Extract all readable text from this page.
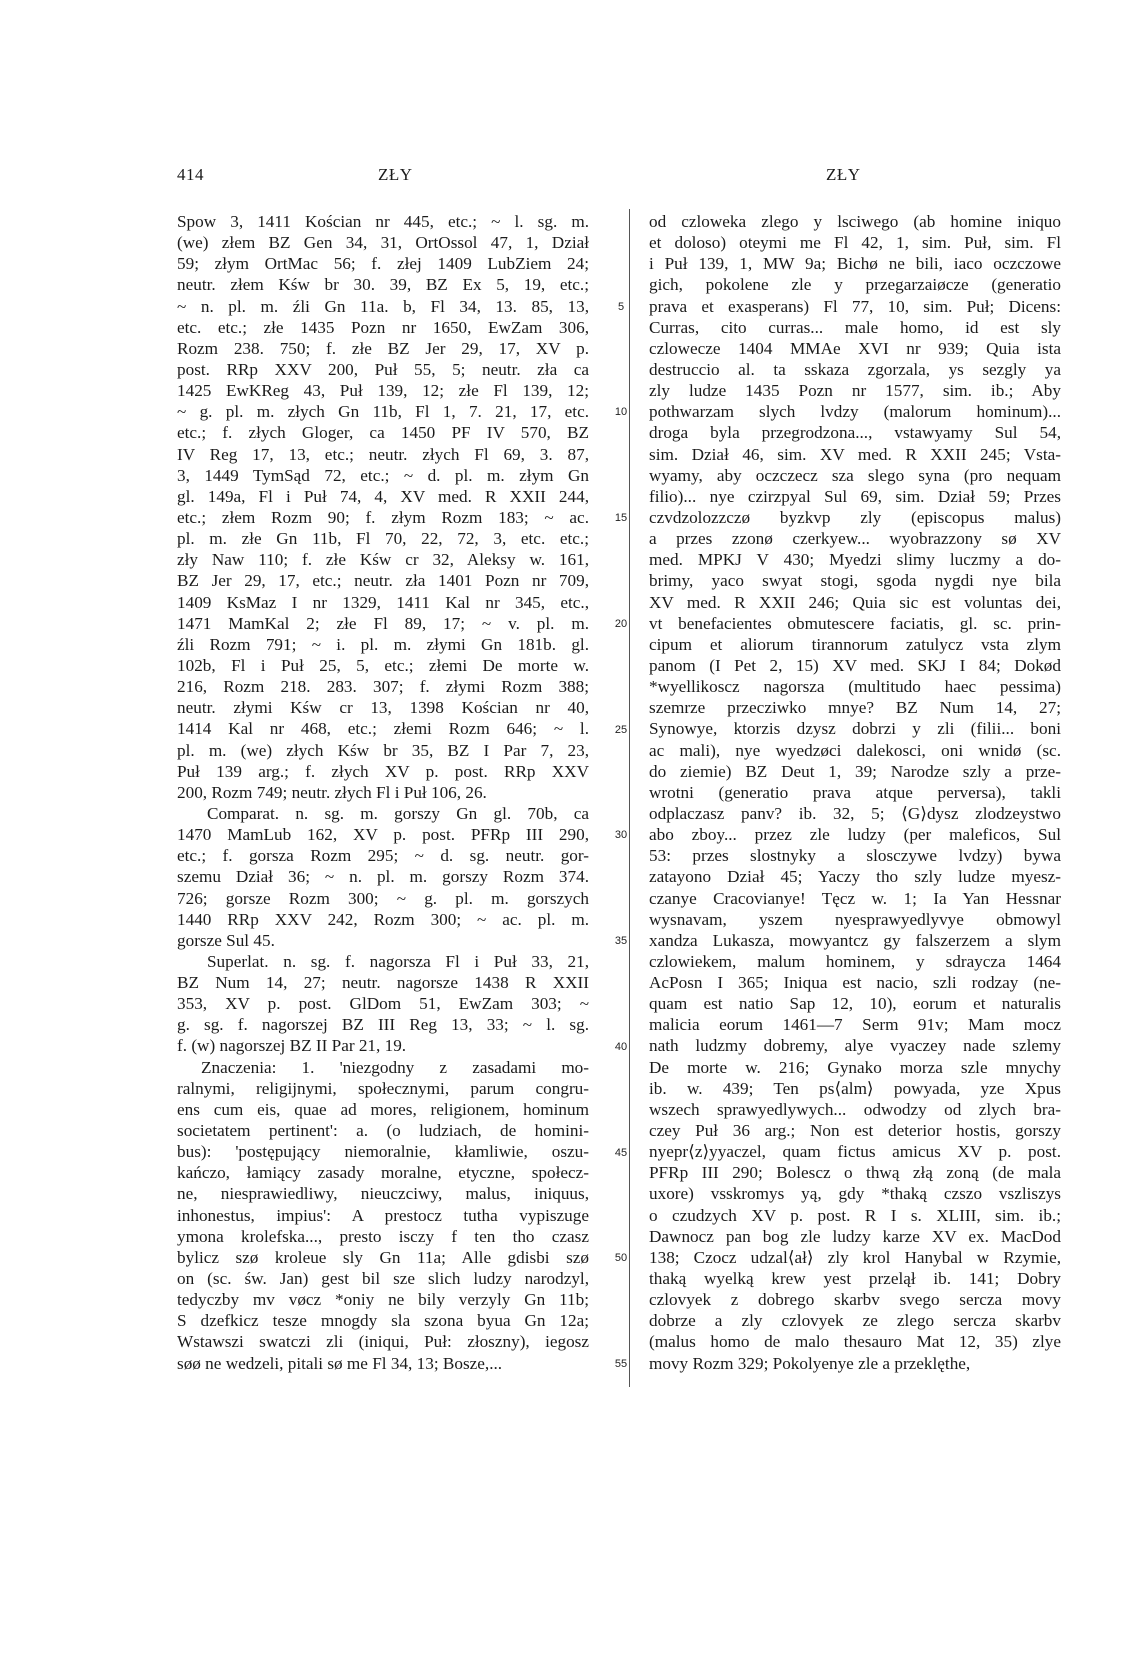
414	ZŁY	ZŁY
Spow 3, 1411 Kościan nr 445, etc.; ~ l. sg. m.
(we) złem BZ Gen 34, 31, OrtOssol 47, 1, Dział
59; złym OrtMac 56; f. złej 1409 LubZiem 24;
neutr. złem Kśw br 30. 39, BZ Ex 5, 19, etc.;
~ n. pl. m. źli Gn 11a. b, Fl 34, 13. 85, 13,
etc. etc.; złe 1435 Pozn nr 1650, EwZam 306,
Rozm 238. 750; f. złe BZ Jer 29, 17, XV p.
post. RRp XXV 200, Puł 55, 5; neutr. zła ca
1425 EwKReg 43, Puł 139, 12; złe Fl 139, 12;
~ g. pl. m. złych Gn 11b, Fl 1, 7. 21, 17, etc.
etc.; f. złych Gloger, ca 1450 PF IV 570, BZ
IV Reg 17, 13, etc.; neutr. złych Fl 69, 3. 87,
3, 1449 TymSąd 72, etc.; ~ d. pl. m. złym Gn
gl. 149a, Fl i Puł 74, 4, XV med. R XXII 244,
etc.; złem Rozm 90; f. złym Rozm 183; ~ ac.
pl. m. złe Gn 11b, Fl 70, 22, 72, 3, etc. etc.;
zły Naw 110; f. złe Kśw cr 32, Aleksy w. 161,
BZ Jer 29, 17, etc.; neutr. zła 1401 Pozn nr 709,
1409 KsMaz I nr 1329, 1411 Kal nr 345, etc.,
1471 MamKal 2; złe Fl 89, 17; ~ v. pl. m.
źli Rozm 791; ~ i. pl. m. złymi Gn 181b. gl.
102b, Fl i Puł 25, 5, etc.; złemi De morte w.
216, Rozm 218. 283. 307; f. złymi Rozm 388;
neutr. złymi Kśw cr 13, 1398 Kościan nr 40,
1414 Kal nr 468, etc.; złemi Rozm 646; ~ l.
pl. m. (we) złych Kśw br 35, BZ I Par 7, 23,
Puł 139 arg.; f. złych XV p. post. RRp XXV
200, Rozm 749; neutr. złych Fl i Puł 106, 26.
Comparat. n. sg. m. gorszy Gn gl. 70b, ca
1470 MamLub 162, XV p. post. PFRp III 290,
etc.; f. gorsza Rozm 295; ~ d. sg. neutr. gor-
szemu Dział 36; ~ n. pl. m. gorszy Rozm 374.
726; gorsze Rozm 300; ~ g. pl. m. gorszych
1440 RRp XXV 242, Rozm 300; ~ ac. pl. m.
gorsze Sul 45.
Superlat. n. sg. f. nagorsza Fl i Puł 33, 21,
BZ Num 14, 27; neutr. nagorsze 1438 R XXII
353, XV p. post. GlDom 51, EwZam 303; ~
g. sg. f. nagorszej BZ III Reg 13, 33; ~ l. sg.
f. (w) nagorszej BZ II Par 21, 19.
Znaczenia: 1. 'niezgodny z zasadami mo-
ralnymi, religijnymi, społecznymi, parum congru-
ens cum eis, quae ad mores, religionem, hominum
societatem pertinent': a. (o ludziach, de homini-
bus): 'postępujący niemoralnie, kłamliwie, oszu-
kańczo, łamiący zasady moralne, etyczne, społecz-
ne, niesprawiedliwy, nieuczciwy, malus, iniquus,
inhonestus, impius': A prestocz tutha vypiszuge
ymona krolefska..., presto isczy f ten tho czasz
bylicz szø kroleue sly Gn 11a; Alle gdisbi szø
on (sc. św. Jan) gest bil sze slich ludzy narodzyl,
tedyczby mv vøcz *oniy ne bily verzyly Gn 11b;
S dzefkicz tesze mnogdy sla szona byua Gn 12a;
Wstawszi swatczi zli (iniqui, Puł: złoszny), iegosz
søø ne wedzeli, pitali sø me Fl 34, 13; Bosze,...
5
10
15
20
25
30
35
40
45
50
55
od czloweka zlego y lsciwego (ab homine iniquo
et doloso) oteymi me Fl 42, 1, sim. Puł, sim. Fl
i Puł 139, 1, MW 9a; Bichø ne bili, iaco oczczowe
gich, pokolene zle y przegarzaiøcze (generatio
prava et exasperans) Fl 77, 10, sim. Puł; Dicens:
Curras, cito curras... male homo, id est sly
czlowecze 1404 MMAe XVI nr 939; Quia ista
destruccio al. ta sskaza zgorzala, ys sezgly ya
zly ludze 1435 Pozn nr 1577, sim. ib.; Aby
pothwarzam slych lvdzy (malorum hominum)...
droga byla przegrodzona..., vstawyamy Sul 54,
sim. Dział 46, sim. XV med. R XXII 245; Vsta-
wyamy, aby oczczecz sza slego syna (pro nequam
filio)... nye czirzpyal Sul 69, sim. Dział 59; Przes
czvdzolozzczø byzkvp zly (episcopus malus)
a przes zzonø czerkyew... wyobrazzony sø XV
med. MPKJ V 430; Myedzi slimy luczmy a do-
brimy, yaco swyat stogi, sgoda nygdi nye bila
XV med. R XXII 246; Quia sic est voluntas dei,
vt benefacientes obmutescere faciatis, gl. sc. prin-
cipum et aliorum tirannorum zatulycz vsta zlym
panom (I Pet 2, 15) XV med. SKJ I 84; Dokød
*wyellikoscz nagorsza (multitudo haec pessima)
szemrze przecziwko mnye? BZ Num 14, 27;
Synowye, ktorzis dzysz dobrzi y zli (filii... boni
ac mali), nye wyedzøci dalekosci, oni wnidø (sc.
do ziemie) BZ Deut 1, 39; Narodze szly a prze-
wrotni (generatio prava atque perversa), takli
odplaczasz panv? ib. 32, 5; ⟨G⟩dysz zlodzeystwo
abo zboy... przez zle ludzy (per maleficos, Sul
53: przes slostnyky a slosczywe lvdzy) bywa
zatayono Dział 45; Yaczy tho szly ludze myesz-
czanye Cracovianye! Tęcz w. 1; Ia Yan Hessnar
wysnavam, yszem nyesprawyedlyvye obmowyl
xandza Lukasza, mowyantcz gy falszerzem a slym
czlowiekem, malum hominem, y sdraycza 1464
AcPosn I 365; Iniqua est nacio, szli rodzay (ne-
quam est natio Sap 12, 10), eorum et naturalis
malicia eorum 1461—7 Serm 91v; Mam mocz
nath ludzmy dobremy, alye vyaczey nade szlemy
De morte w. 216; Gynako morza szle mnychy
ib. w. 439; Ten ps⟨alm⟩ powyada, yze Xpus
wszech sprawyedlywych... odwodzy od zlych bra-
czey Puł 36 arg.; Non est deterior hostis, gorszy
nyepr⟨z⟩yyaczel, quam fictus amicus XV p. post.
PFRp III 290; Bolescz o thwą złą zoną (de mala
uxore) vsskromys yą, gdy *thaką czszo vszliszys
o czudzych XV p. post. R I s. XLIII, sim. ib.;
Dawnocz pan bog zle ludzy karze XV ex. MacDod
138; Czocz udzal⟨ał⟩ zly krol Hanybal w Rzymie,
thaką wyelką krew yest przelął ib. 141; Dobry
czlovyek z dobrego skarbv svego sercza movy
dobrze a zly czlovyek ze zlego sercza skarbv
(malus homo de malo thesauro Mat 12, 35) zlye
movy Rozm 329; Pokolyenye zle a przeklęthe,
